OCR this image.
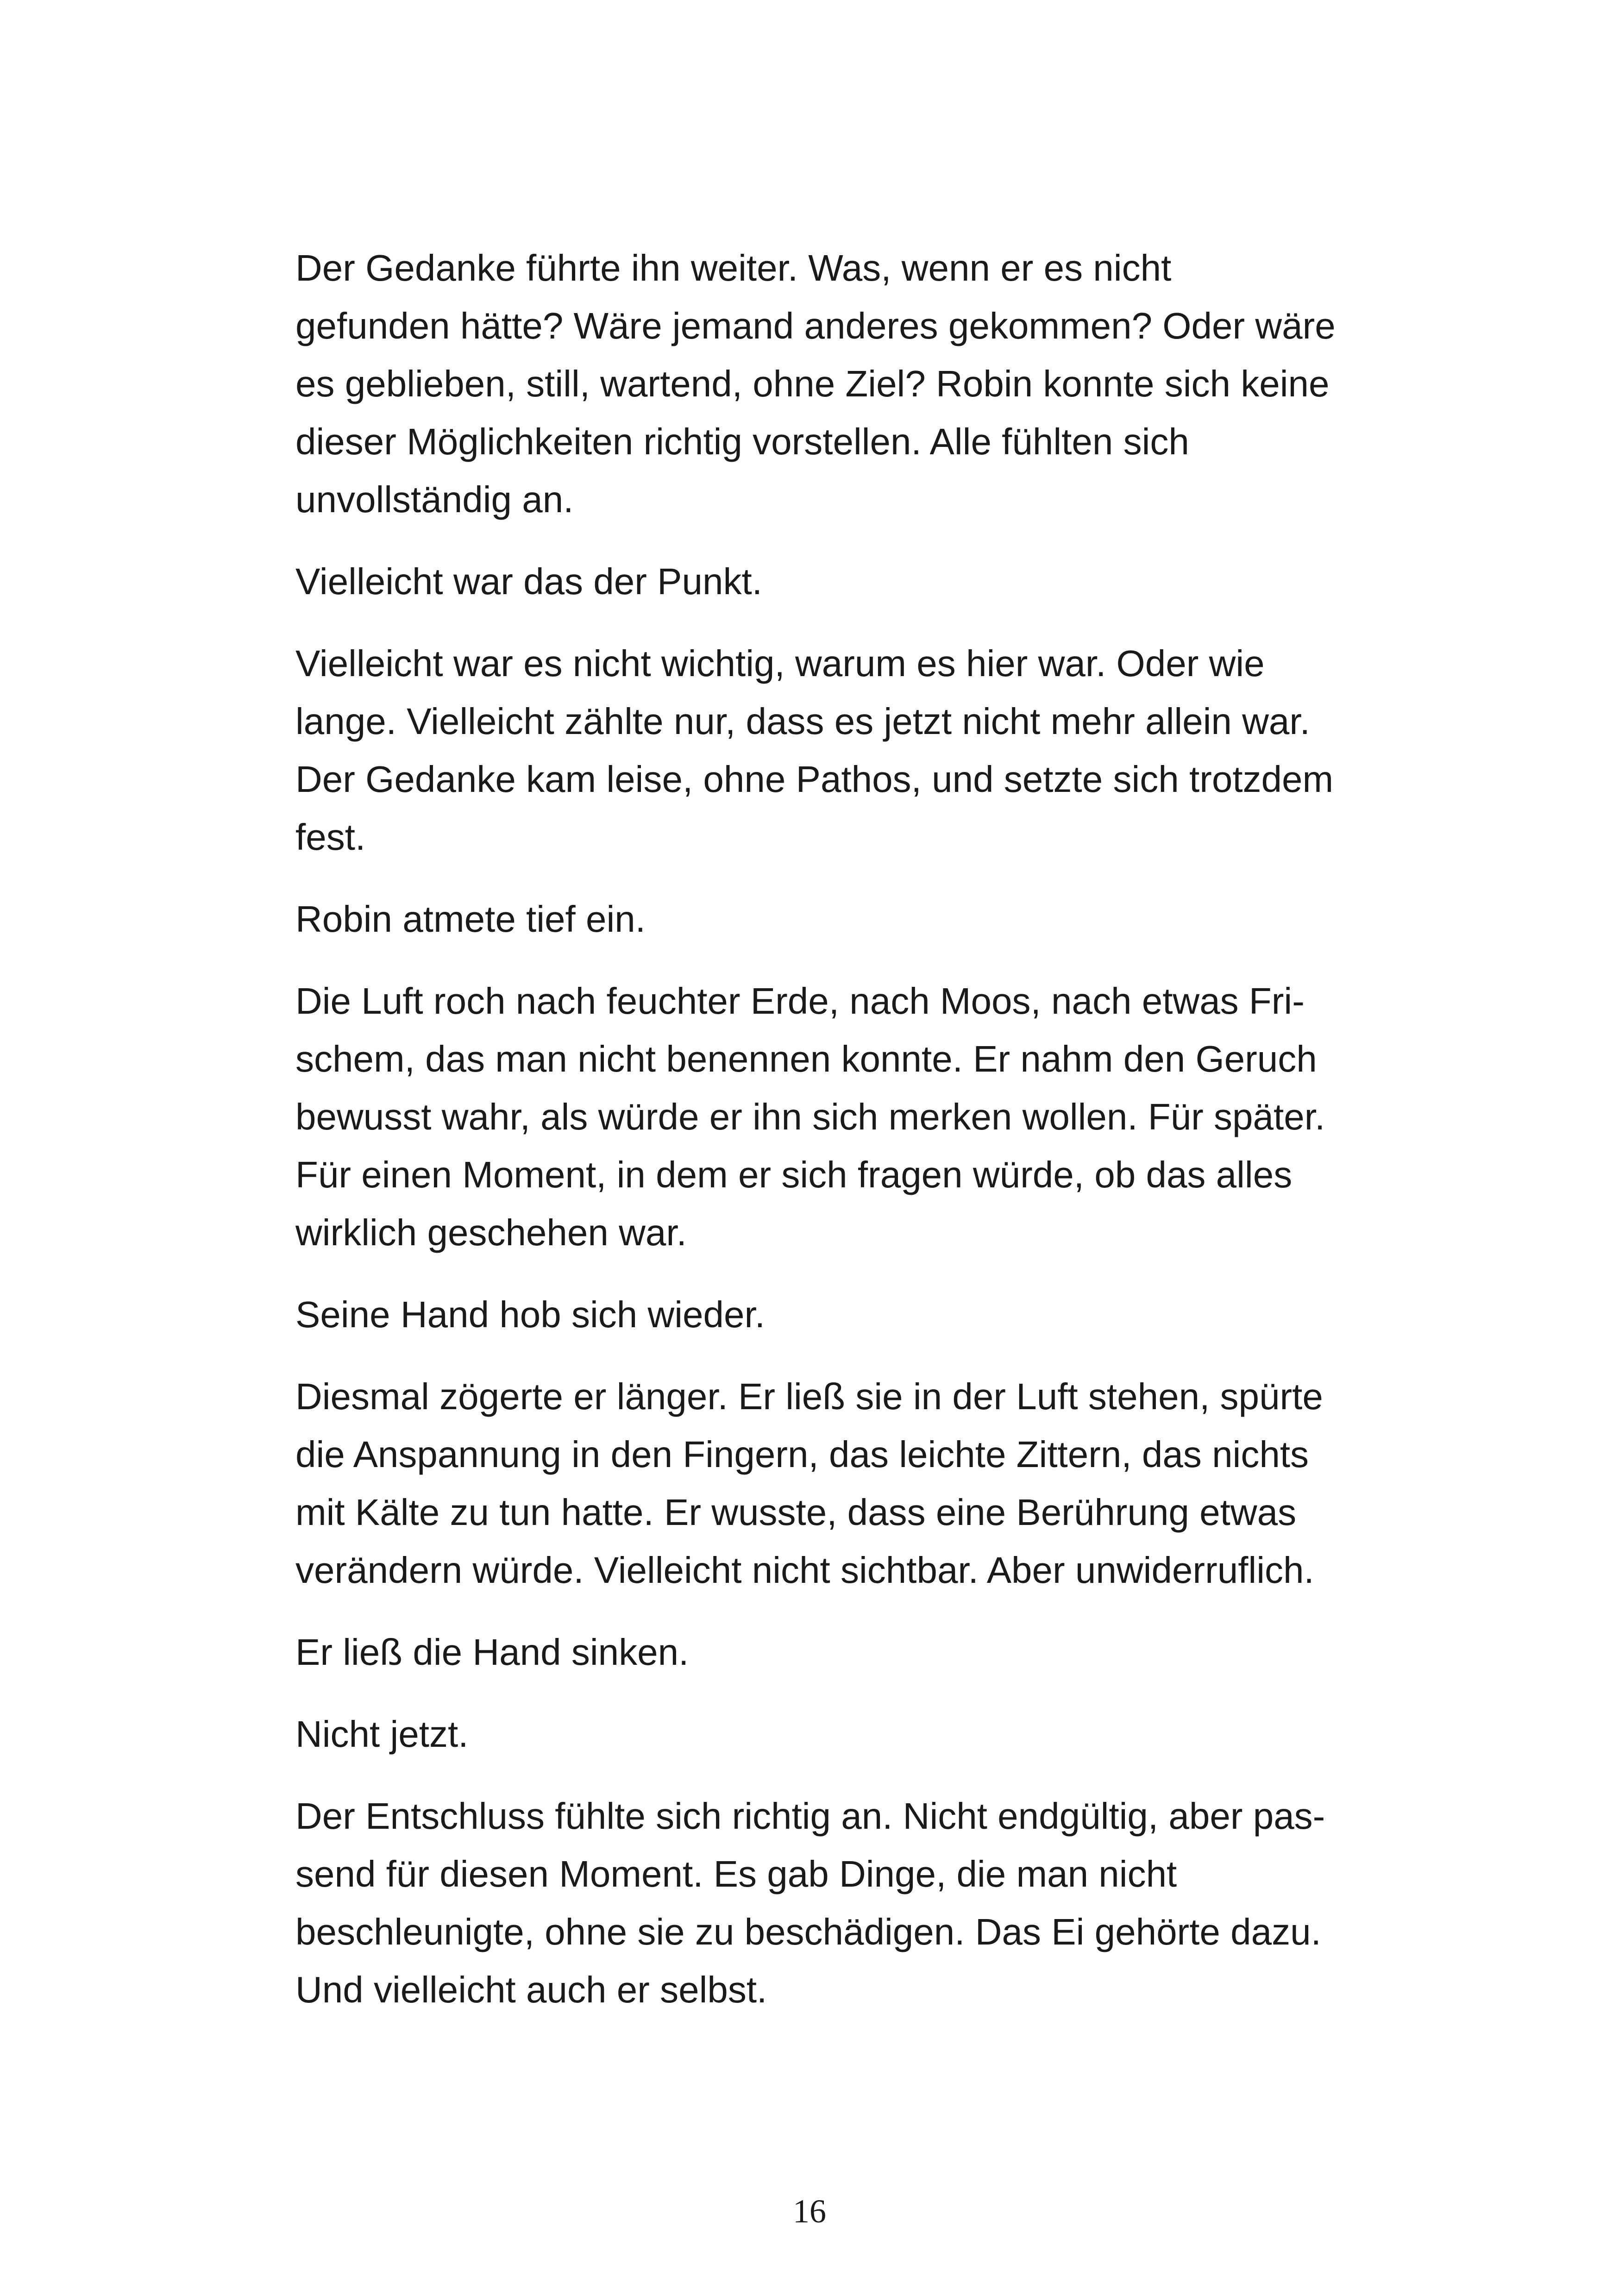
Der Gedanke führte ihn weiter. Was, wenn er es nicht
gefunden hätte? Wäre jemand anderes gekommen? Oder wäre
es geblieben, still, wartend, ohne Ziel? Robin konnte sich keine
dieser Möglichkeiten richtig vorstellen. Alle fühlten sich
unvollständig an.

Vielleicht war das der Punkt.

Vielleicht war es nicht wichtig, warum es hier war. Oder wie
lange. Vielleicht zählte nur, dass es jetzt nicht mehr allein war.
Der Gedanke kam leise, ohne Pathos, und setzte sich trotzdem
fest.

Robin atmete tief ein.

Die Luft roch nach feuchter Erde, nach Moos, nach etwas Fri-
schem, das man nicht benennen konnte. Er nahm den Geruch
bewusst wahr, als würde er ihn sich merken wollen. Für später.
Für einen Moment, in dem er sich fragen würde, ob das alles
wirklich geschehen war.

Seine Hand hob sich wieder.

Diesmal zögerte er länger. Er ließ sie in der Luft stehen, spürte
die Anspannung in den Fingern, das leichte Zittern, das nichts
mit Kälte zu tun hatte. Er wusste, dass eine Berührung etwas
verändern würde. Vielleicht nicht sichtbar. Aber unwiderruflich.

Er ließ die Hand sinken.

Nicht jetzt.

Der Entschluss fühlte sich richtig an. Nicht endgültig, aber pas-
send für diesen Moment. Es gab Dinge, die man nicht
beschleunigte, ohne sie zu beschädigen. Das Ei gehörte dazu.
Und vielleicht auch er selbst.

16
